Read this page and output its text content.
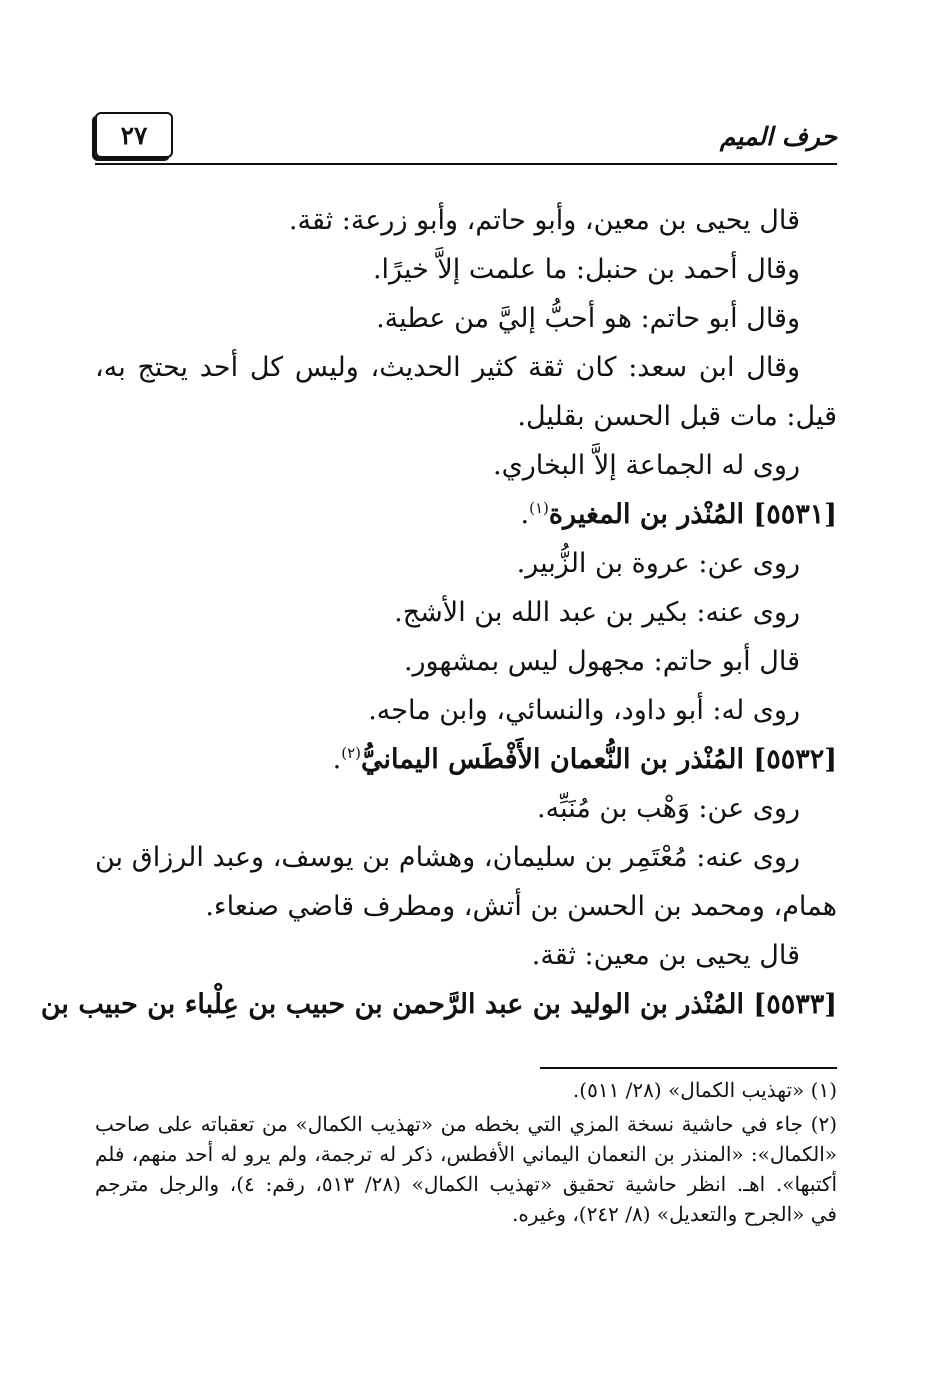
٢٧	حرف الميم
قال يحيى بن معين، وأبو حاتم، وأبو زرعة: ثقة.
وقال أحمد بن حنبل: ما علمت إلاَّ خيرًا.
وقال أبو حاتم: هو أحبُّ إليَّ من عطية.
وقال ابن سعد: كان ثقة كثير الحديث، وليس كل أحد يحتج به،
قيل: مات قبل الحسن بقليل.
روى له الجماعة إلاَّ البخاري.
[٥٥٣١] المُنْذر بن المغيرة$^{(١)}$.
روى عن: عروة بن الزُّبير.
روى عنه: بكير بن عبد الله بن الأشج.
قال أبو حاتم: مجهول ليس بمشهور.
روى له: أبو داود، والنسائي، وابن ماجه.
[٥٥٣٢] المُنْذر بن النُّعمان الأَفْطَس اليمانيُّ$^{(٢)}$.
روى عن: وَهْب بن مُنَبِّه.
روى عنه: مُعْتَمِر بن سليمان، وهشام بن يوسف، وعبد الرزاق بن
همام، ومحمد بن الحسن بن أتش، ومطرف قاضي صنعاء.
قال يحيى بن معين: ثقة.
[٥٥٣٣] المُنْذر بن الوليد بن عبد الرَّحمن بن حبيب بن عِلْباء بن حبيب بن
(١) «تهذيب الكمال» (٢٨/ ٥١١).
(٢) جاء في حاشية نسخة المزي التي بخطه من «تهذيب الكمال» من تعقباته على صاحب
«الكمال»: «المنذر بن النعمان اليماني الأفطس، ذكر له ترجمة، ولم يرو له أحد منهم، فلم
أكتبها». اهـ. انظر حاشية تحقيق «تهذيب الكمال» (٢٨/ ٥١٣، رقم: ٤)، والرجل مترجم
في «الجرح والتعديل» (٨/ ٢٤٢)، وغيره.
